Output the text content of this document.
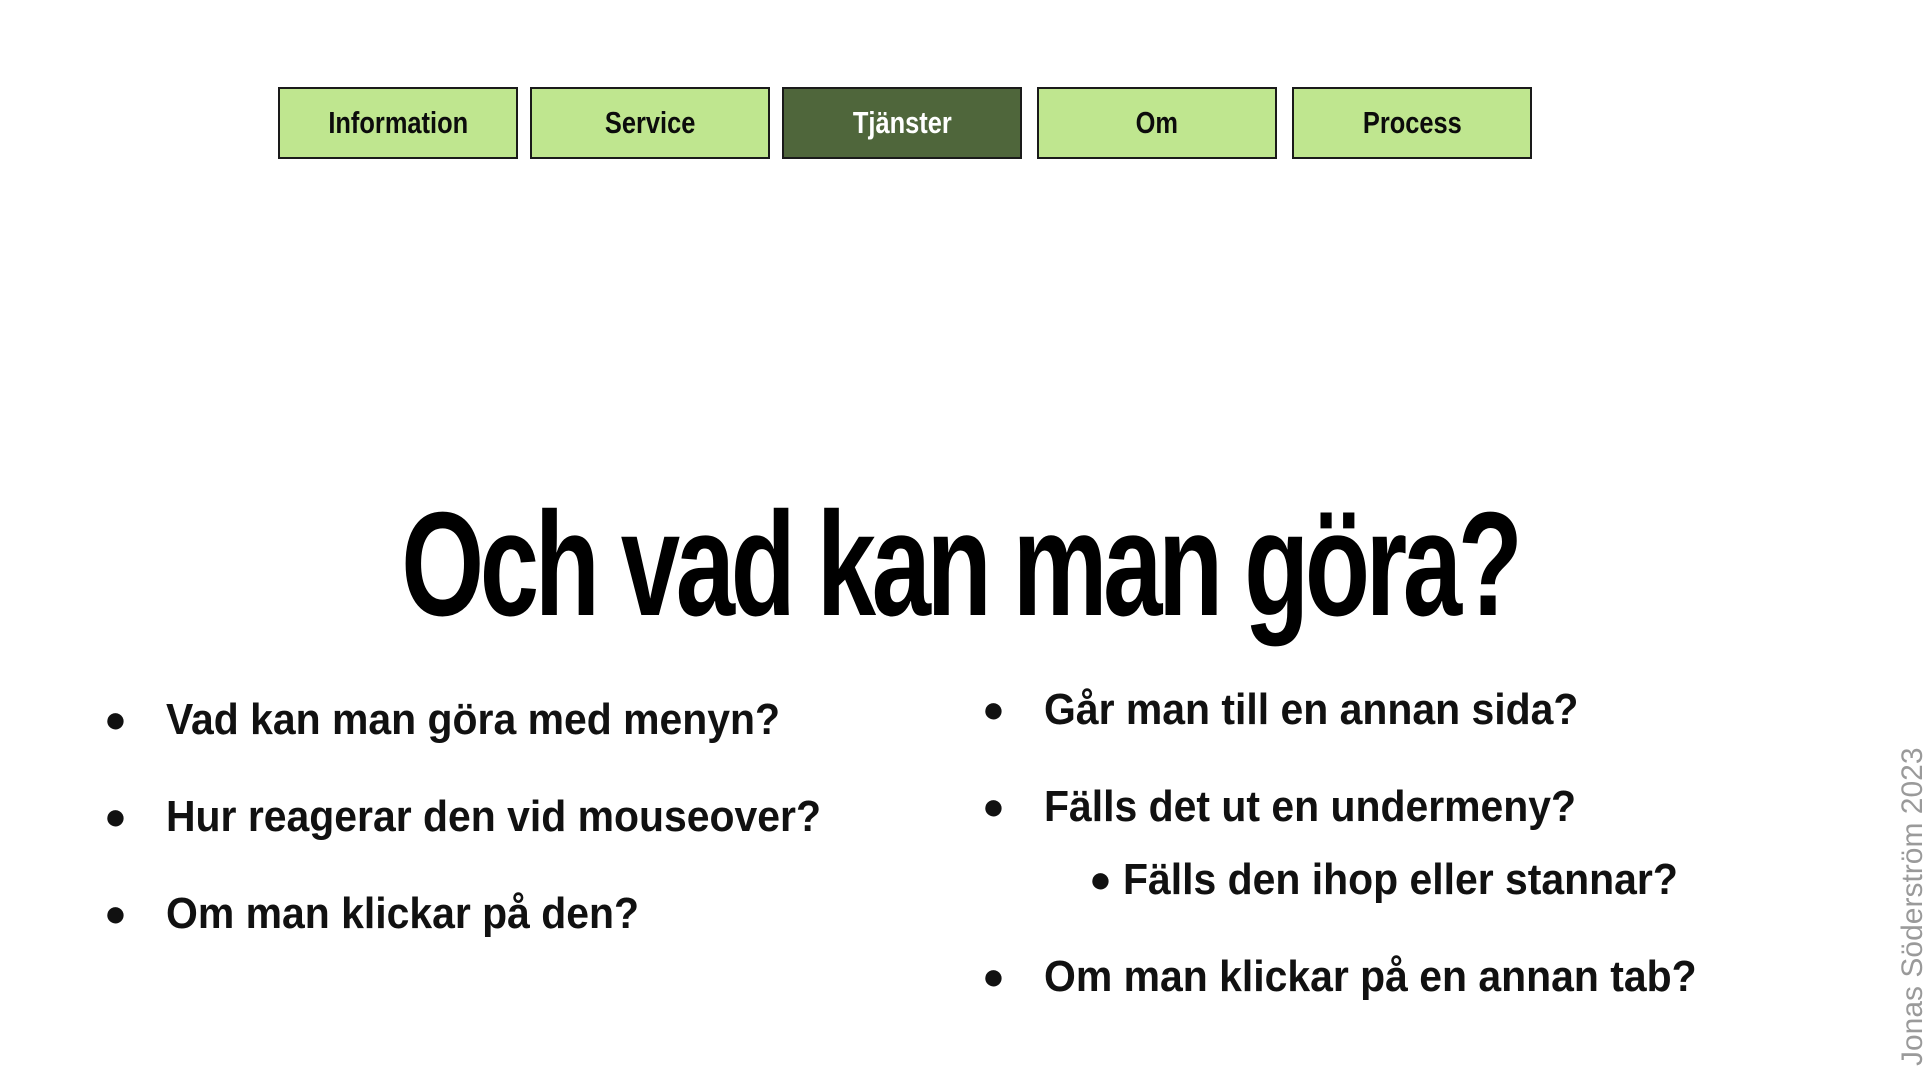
Information	Service	Tjänster	Om	Process
Och vad kan man göra?
● Vad kan man göra med menyn?
● Hur reagerar den vid mouseover?
● Om man klickar på den?
● Går man till en annan sida?
● Fälls det ut en undermeny?
● Fälls den ihop eller stannar?
● Om man klickar på en annan tab?	Jonas Söderström 2023
